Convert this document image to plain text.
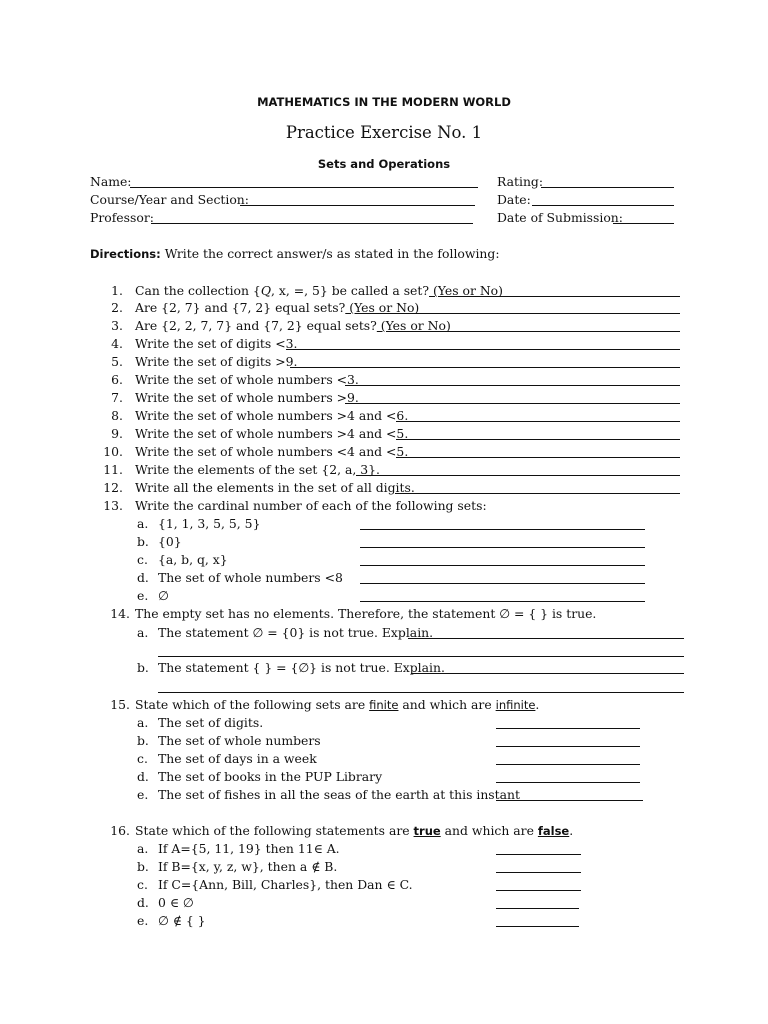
MATHEMATICS IN THE MODERN WORLD
Practice Exercise No. 1
Sets and Operations
Name:	Rating:
Course/Year and Section:	Date:
Professor:	Date of Submission:
Directions: Write the correct answer/s as stated in the following:
1. Can the collection {Q, x, =, 5} be called a set? (Yes or No)
2. Are {2, 7} and {7, 2} equal sets? (Yes or No)
3. Are {2, 2, 7, 7} and {7, 2} equal sets? (Yes or No)
4. Write the set of digits <3.
5. Write the set of digits >9.
6. Write the set of whole numbers <3.
7. Write the set of whole numbers >9.
8. Write the set of whole numbers >4 and <6.
9. Write the set of whole numbers >4 and <5.
10. Write the set of whole numbers <4 and <5.
11. Write the elements of the set {2, a, 3}.
12. Write all the elements in the set of all digits.
13. Write the cardinal number of each of the following sets:
a. {1, 1, 3, 5, 5, 5}
b. {0}
c. {a, b, q, x}
d. The set of whole numbers <8
e. ∅
14. The empty set has no elements. Therefore, the statement ∅ = { } is true.
a. The statement ∅ = {0} is not true. Explain.
b. The statement { } = {∅} is not true. Explain.
15. State which of the following sets are finite and which are infinite.
a. The set of digits.
b. The set of whole numbers
c. The set of days in a week
d. The set of books in the PUP Library
e. The set of fishes in all the seas of the earth at this instant
16. State which of the following statements are true and which are false.
a. If A={5, 11, 19} then 11∈ A.
b. If B={x, y, z, w}, then a ∉ B.
c. If C={Ann, Bill, Charles}, then Dan ∈ C.
d. 0 ∈ ∅
e. ∅ ∉ { }
